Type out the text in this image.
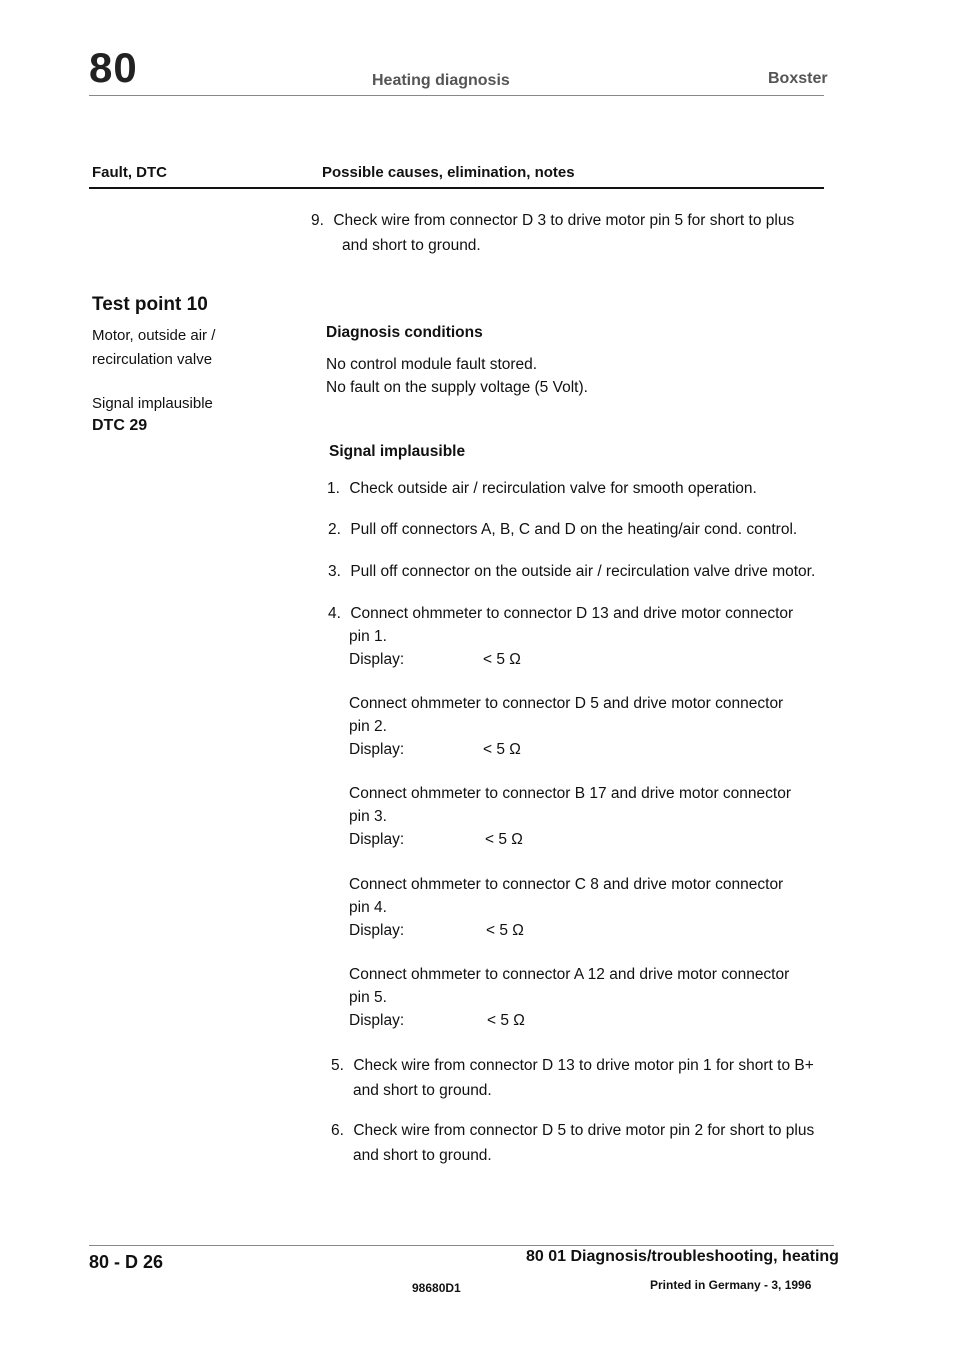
80	Heating diagnosis	Boxster
Fault, DTC	Possible causes, elimination, notes
9. Check wire from connector D 3 to drive motor pin 5 for short to plus
and short to ground.
Test point 10
Motor, outside air /
recirculation valve
Signal implausible
DTC 29
Diagnosis conditions
No control module fault stored.
No fault on the supply voltage (5 Volt).
Signal implausible
1. Check outside air / recirculation valve for smooth operation.
2. Pull off connectors A, B, C and D on the heating/air cond. control.
3. Pull off connector on the outside air / recirculation valve drive motor.
4. Connect ohmmeter to connector D 13 and drive motor connector
pin 1.
Display:	< 5 Ω
Connect ohmmeter to connector D 5 and drive motor connector
pin 2.
Display:	< 5 Ω
Connect ohmmeter to connector B 17 and drive motor connector
pin 3.
Display:	< 5 Ω
Connect ohmmeter to connector C 8 and drive motor connector
pin 4.
Display:	< 5 Ω
Connect ohmmeter to connector A 12 and drive motor connector
pin 5.
Display:	< 5 Ω
5. Check wire from connector D 13 to drive motor pin 1 for short to B+
and short to ground.
6. Check wire from connector D 5 to drive motor pin 2 for short to plus
and short to ground.
80 - D 26	80 01 Diagnosis/troubleshooting, heating
98680D1	Printed in Germany - 3, 1996
